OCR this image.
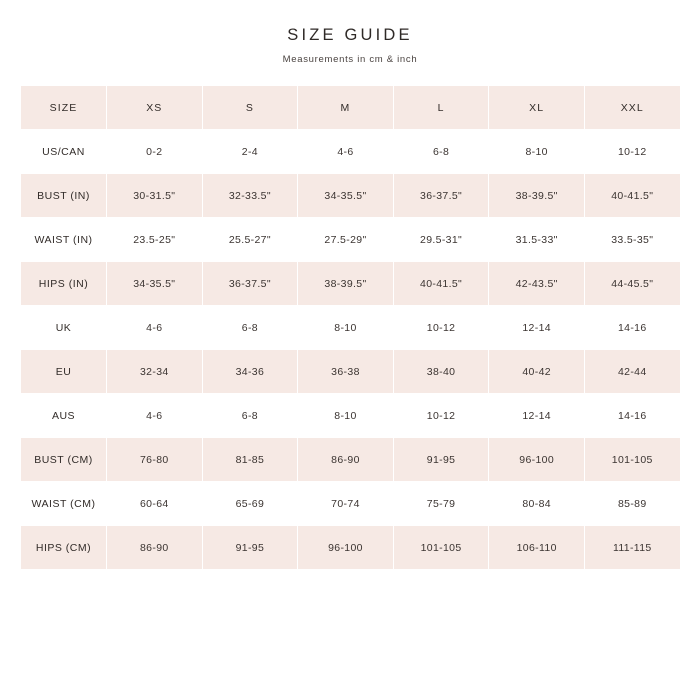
SIZE GUIDE

Measurements in cm & inch

SIZE	XS	S	M	L	XL	XXL
US/CAN	0-2	2-4	4-6	6-8	8-10	10-12
BUST (IN)	30-31.5"	32-33.5"	34-35.5"	36-37.5"	38-39.5"	40-41.5"
WAIST (IN)	23.5-25"	25.5-27"	27.5-29"	29.5-31"	31.5-33"	33.5-35"
HIPS (IN)	34-35.5"	36-37.5"	38-39.5"	40-41.5"	42-43.5"	44-45.5"
UK	4-6	6-8	8-10	10-12	12-14	14-16
EU	32-34	34-36	36-38	38-40	40-42	42-44
AUS	4-6	6-8	8-10	10-12	12-14	14-16
BUST (CM)	76-80	81-85	86-90	91-95	96-100	101-105
WAIST (CM)	60-64	65-69	70-74	75-79	80-84	85-89
HIPS (CM)	86-90	91-95	96-100	101-105	106-110	111-115
